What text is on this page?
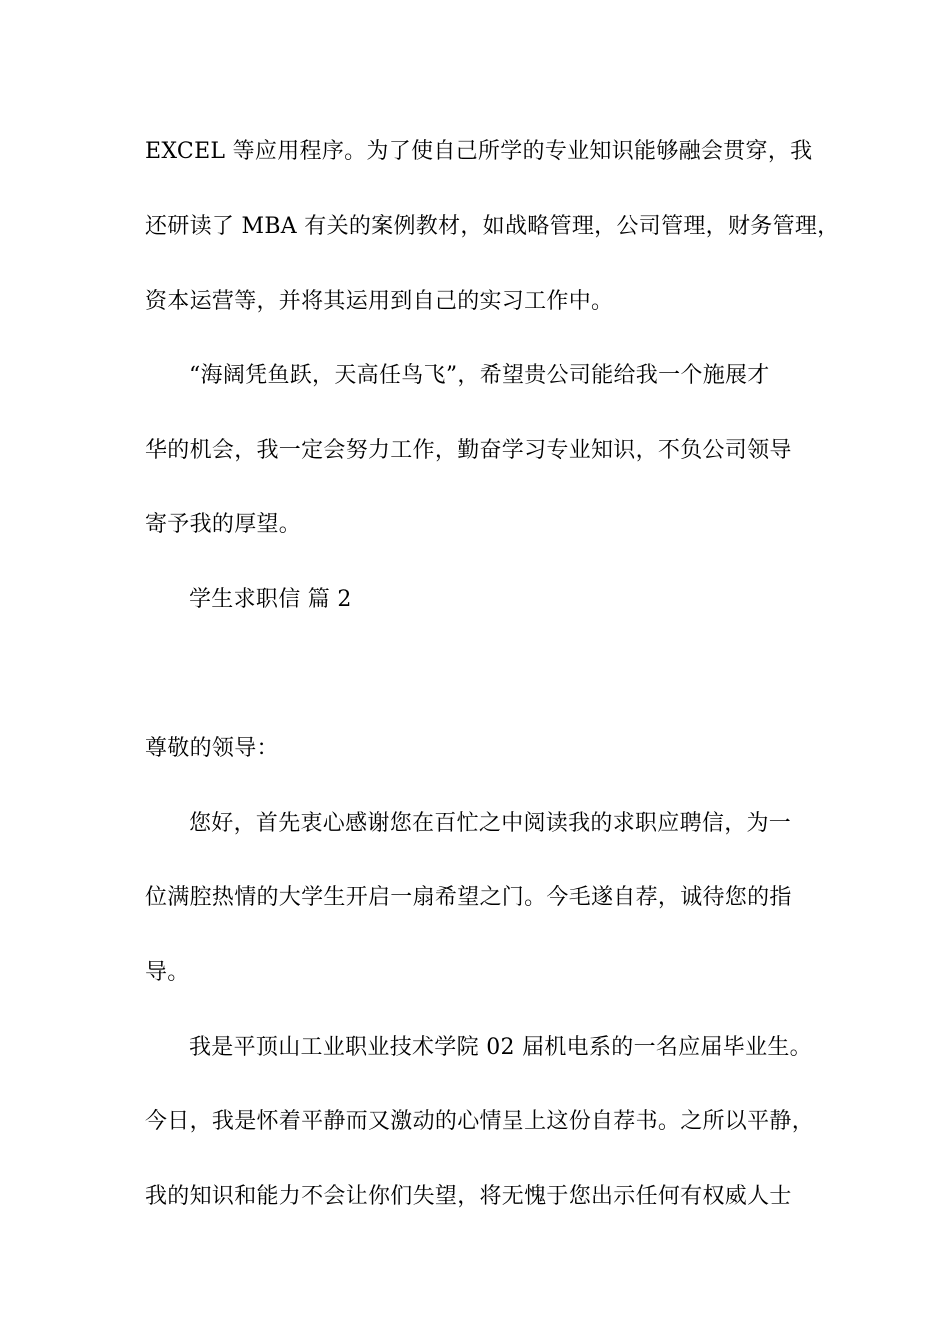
EXCEL 等应用程序。为了使自己所学的专业知识能够融会贯穿，我
还研读了 MBA 有关的案例教材，如战略管理，公司管理，财务管理，
资本运营等，并将其运用到自己的实习工作中。
“海阔凭鱼跃，天高任鸟飞”，希望贵公司能给我一个施展才
华的机会，我一定会努力工作，勤奋学习专业知识，不负公司领导
寄予我的厚望。
学生求职信 篇 2
尊敬的领导：
您好，首先衷心感谢您在百忙之中阅读我的求职应聘信，为一
位满腔热情的大学生开启一扇希望之门。今毛遂自荐，诚待您的指
导。
我是平顶山工业职业技术学院 02 届机电系的一名应届毕业生。
今日，我是怀着平静而又激动的心情呈上这份自荐书。之所以平静，
我的知识和能力不会让你们失望，将无愧于您出示任何有权威人士
